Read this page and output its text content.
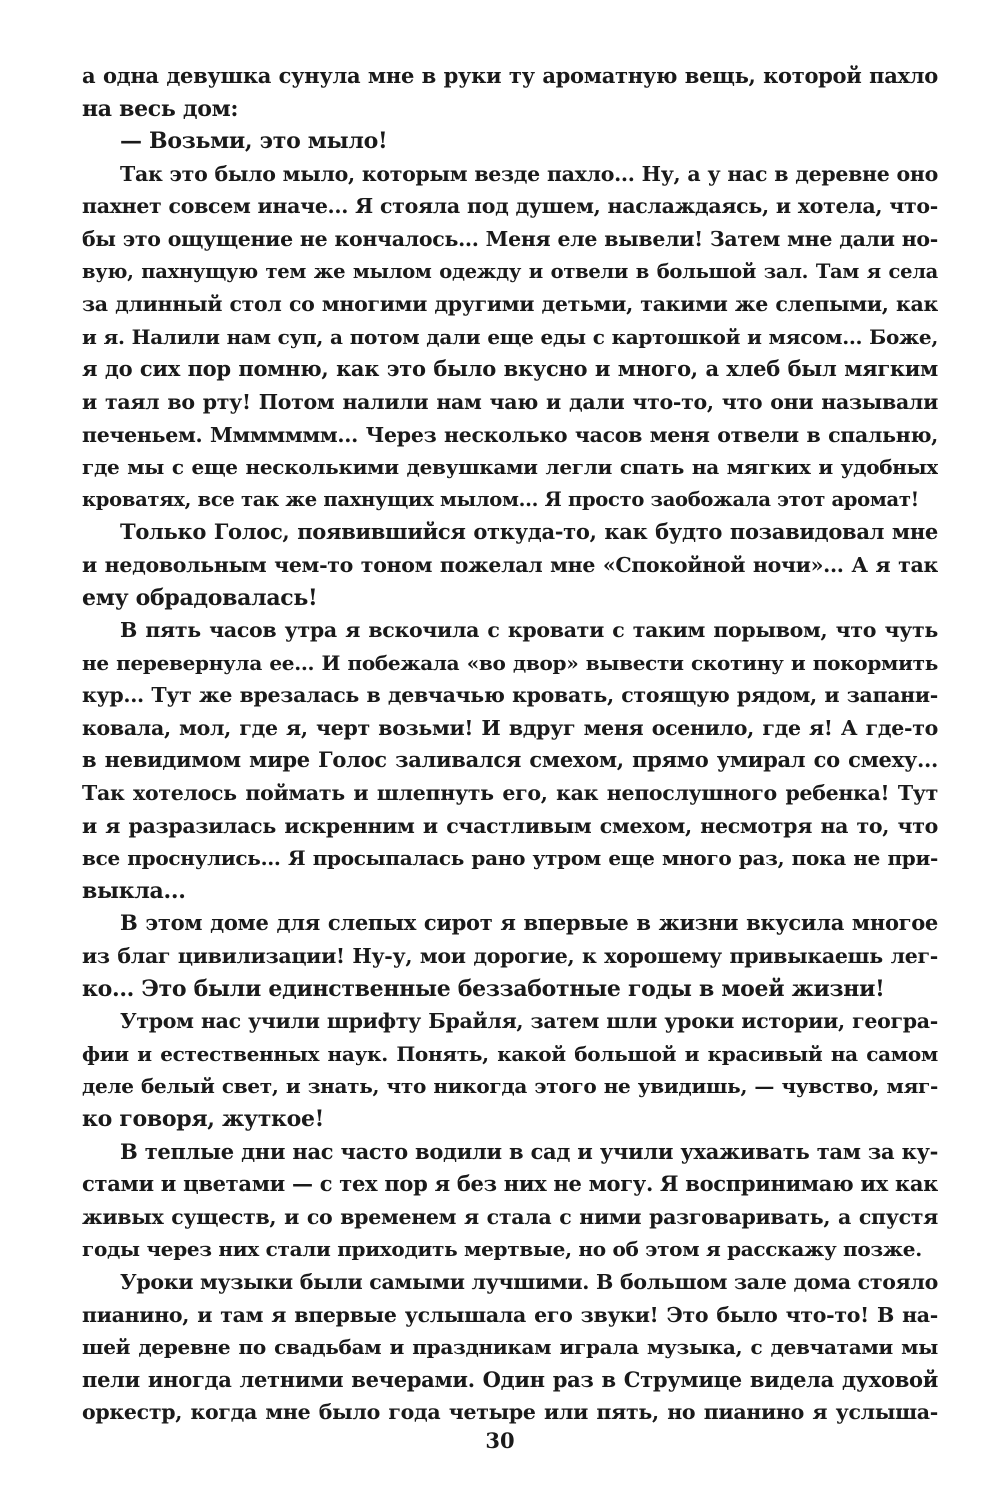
а одна девушка сунула мне в руки ту ароматную вещь, которой пахло
на весь дом:
— Возьми, это мыло!
Так это было мыло, которым везде пахло... Ну, а у нас в деревне оно
пахнет совсем иначе... Я стояла под душем, наслаждаясь, и хотела, что-
бы это ощущение не кончалось... Меня еле вывели! Затем мне дали но-
вую, пахнущую тем же мылом одежду и отвели в большой зал. Там я села
за длинный стол со многими другими детьми, такими же слепыми, как
и я. Налили нам суп, а потом дали еще еды с картошкой и мясом... Боже,
я до сих пор помню, как это было вкусно и много, а хлеб был мягким
и таял во рту! Потом налили нам чаю и дали что-то, что они называли
печеньем. Ммммммм... Через несколько часов меня отвели в спальню,
где мы с еще несколькими девушками легли спать на мягких и удобных
кроватях, все так же пахнущих мылом... Я просто заобожала этот аромат!
Только Голос, появившийся откуда-то, как будто позавидовал мне
и недовольным чем-то тоном пожелал мне «Спокойной ночи»... А я так
ему обрадовалась!
В пять часов утра я вскочила с кровати с таким порывом, что чуть
не перевернула ее... И побежала «во двор» вывести скотину и покормить
кур... Тут же врезалась в девчачью кровать, стоящую рядом, и запани-
ковала, мол, где я, черт возьми! И вдруг меня осенило, где я! А где-то
в невидимом мире Голос заливался смехом, прямо умирал со смеху...
Так хотелось поймать и шлепнуть его, как непослушного ребенка! Тут
и я разразилась искренним и счастливым смехом, несмотря на то, что
все проснулись... Я просыпалась рано утром еще много раз, пока не при-
выкла...
В этом доме для слепых сирот я впервые в жизни вкусила многое
из благ цивилизации! Ну-у, мои дорогие, к хорошему привыкаешь лег-
ко... Это были единственные беззаботные годы в моей жизни!
Утром нас учили шрифту Брайля, затем шли уроки истории, геогра-
фии и естественных наук. Понять, какой большой и красивый на самом
деле белый свет, и знать, что никогда этого не увидишь, — чувство, мяг-
ко говоря, жуткое!
В теплые дни нас часто водили в сад и учили ухаживать там за ку-
стами и цветами — с тех пор я без них не могу. Я воспринимаю их как
живых существ, и со временем я стала с ними разговаривать, а спустя
годы через них стали приходить мертвые, но об этом я расскажу позже.
Уроки музыки были самыми лучшими. В большом зале дома стояло
пианино, и там я впервые услышала его звуки! Это было что-то! В на-
шей деревне по свадьбам и праздникам играла музыка, с девчатами мы
пели иногда летними вечерами. Один раз в Струмице видела духовой
оркестр, когда мне было года четыре или пять, но пианино я услыша-
30
